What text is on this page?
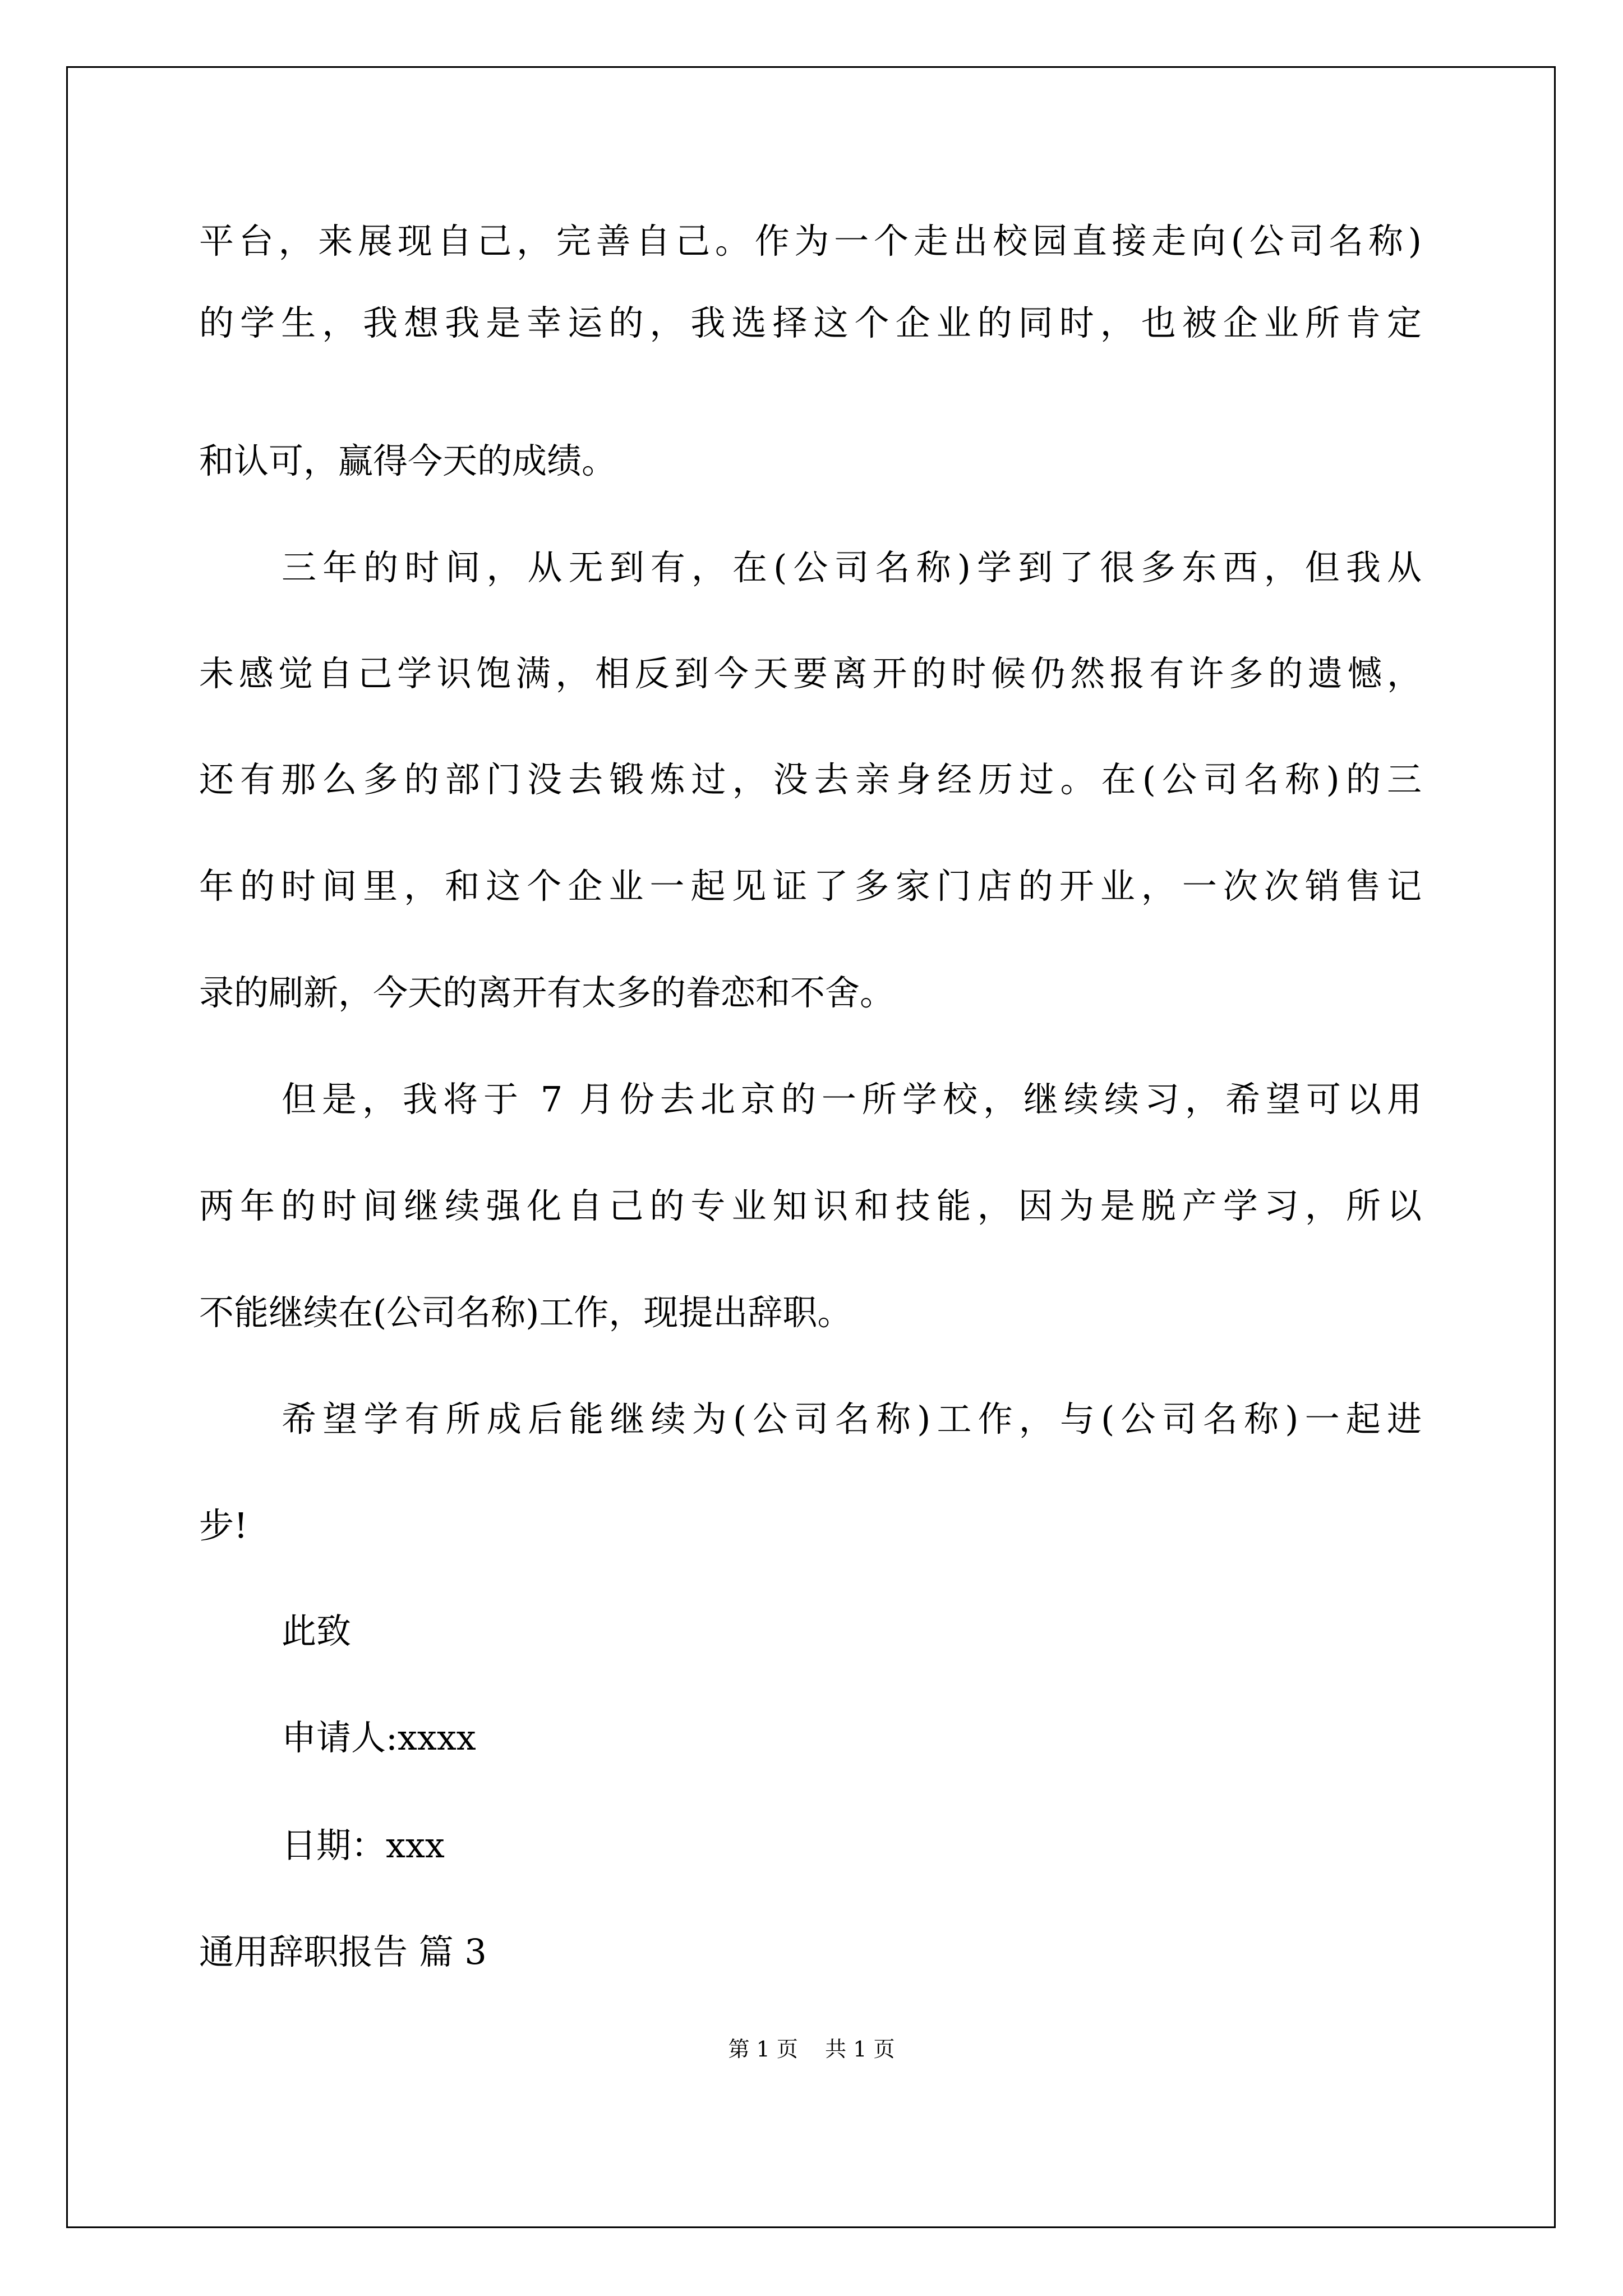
平台，来展现自己，完善自己。作为一个走出校园直接走向(公司名称)
的学生，我想我是幸运的，我选择这个企业的同时，也被企业所肯定
和认可，赢得今天的成绩。
三年的时间，从无到有，在(公司名称)学到了很多东西，但我从
未感觉自己学识饱满，相反到今天要离开的时候仍然报有许多的遗憾，
还有那么多的部门没去锻炼过，没去亲身经历过。在(公司名称)的三
年的时间里，和这个企业一起见证了多家门店的开业，一次次销售记
录的刷新，今天的离开有太多的眷恋和不舍。
但是，我将于 7 月份去北京的一所学校，继续续习，希望可以用
两年的时间继续强化自己的专业知识和技能，因为是脱产学习，所以
不能继续在(公司名称)工作，现提出辞职。
希望学有所成后能继续为(公司名称)工作，与(公司名称)一起进
步!
此致
申请人:xxxx
日期：xxx
通用辞职报告 篇 3
第 1 页    共 1 页
